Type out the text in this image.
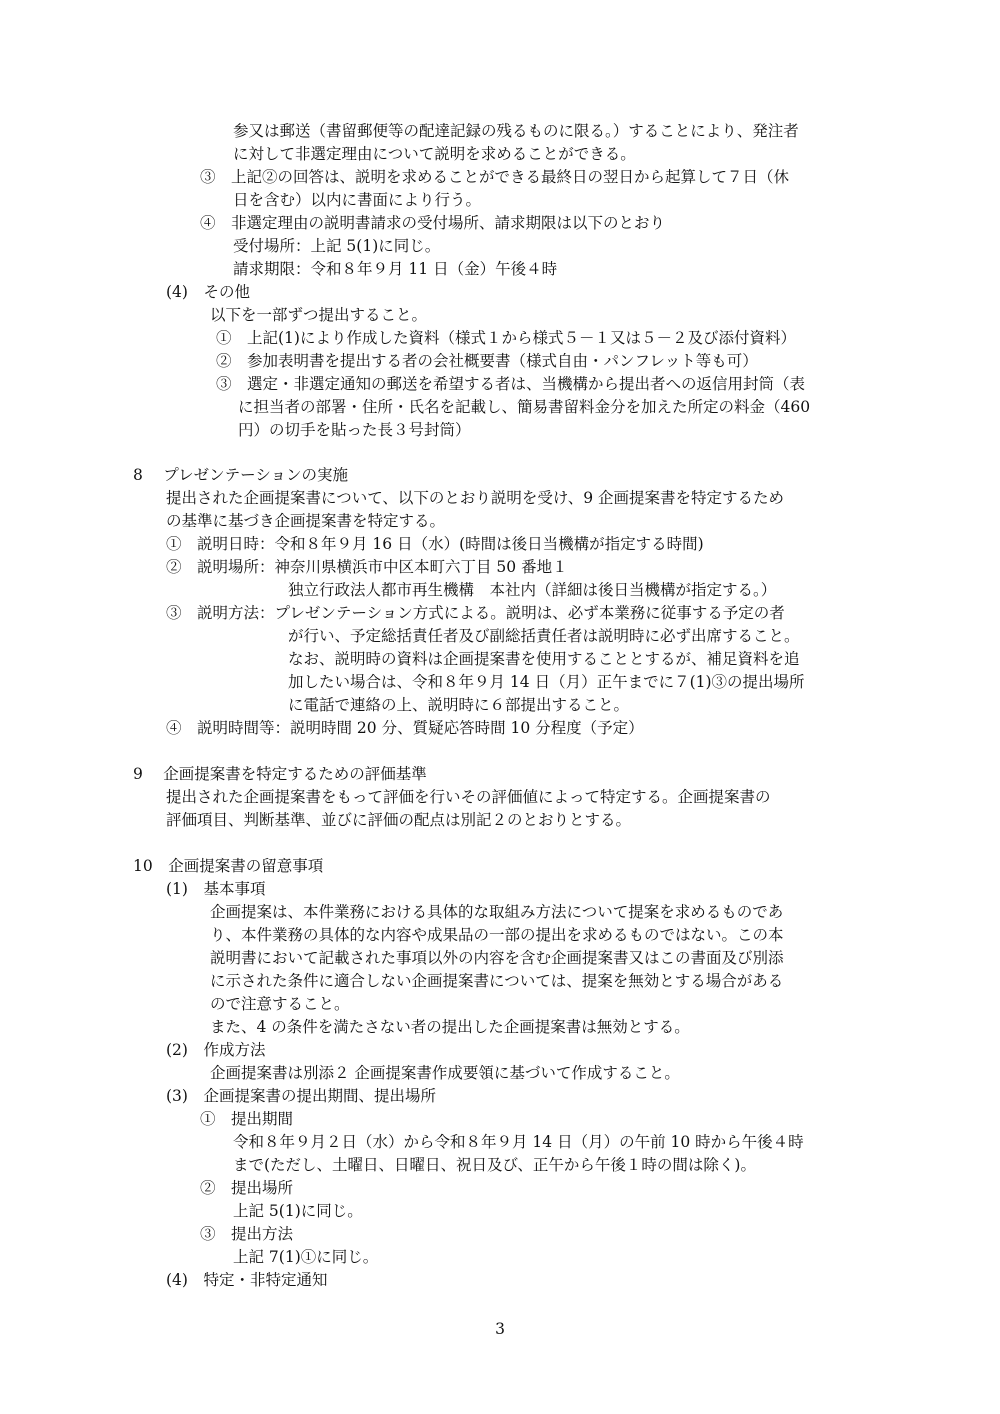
参又は郵送（書留郵便等の配達記録の残るものに限る。）することにより、発注者
に対して非選定理由について説明を求めることができる。
③　上記②の回答は、説明を求めることができる最終日の翌日から起算して７日（休
日を含む）以内に書面により行う。
④　非選定理由の説明書請求の受付場所、請求期限は以下のとおり
受付場所：上記 5(1)に同じ。
請求期限：令和８年９月 11 日（金）午後４時
(4)　その他
以下を一部ずつ提出すること。
①　上記(1)により作成した資料（様式１から様式５－１又は５－２及び添付資料）
②　参加表明書を提出する者の会社概要書（様式自由・パンフレット等も可）
③　選定・非選定通知の郵送を希望する者は、当機構から提出者への返信用封筒（表
に担当者の部署・住所・氏名を記載し、簡易書留料金分を加えた所定の料金（460
円）の切手を貼った長３号封筒）
8　 プレゼンテーションの実施
提出された企画提案書について、以下のとおり説明を受け、9 企画提案書を特定するため
の基準に基づき企画提案書を特定する。
①　説明日時：令和８年９月 16 日（水）(時間は後日当機構が指定する時間)
②　説明場所：神奈川県横浜市中区本町六丁目 50 番地１
独立行政法人都市再生機構　本社内（詳細は後日当機構が指定する。）
③　説明方法：プレゼンテーション方式による。説明は、必ず本業務に従事する予定の者
が行い、予定総括責任者及び副総括責任者は説明時に必ず出席すること。
なお、説明時の資料は企画提案書を使用することとするが、補足資料を追
加したい場合は、令和８年９月 14 日（月）正午までに７(1)③の提出場所
に電話で連絡の上、説明時に６部提出すること。
④　説明時間等：説明時間 20 分、質疑応答時間 10 分程度（予定）
9　 企画提案書を特定するための評価基準
提出された企画提案書をもって評価を行いその評価値によって特定する。企画提案書の
評価項目、判断基準、並びに評価の配点は別記２のとおりとする。
10　企画提案書の留意事項
(1)　基本事項
企画提案は、本件業務における具体的な取組み方法について提案を求めるものであ
り、本件業務の具体的な内容や成果品の一部の提出を求めるものではない。この本
説明書において記載された事項以外の内容を含む企画提案書又はこの書面及び別添
に示された条件に適合しない企画提案書については、提案を無効とする場合がある
ので注意すること。
また、4 の条件を満たさない者の提出した企画提案書は無効とする。
(2)　作成方法
企画提案書は別添２ 企画提案書作成要領に基づいて作成すること。
(3)　企画提案書の提出期間、提出場所
①　提出期間
令和８年９月２日（水）から令和８年９月 14 日（月）の午前 10 時から午後４時
まで(ただし、土曜日、日曜日、祝日及び、正午から午後１時の間は除く)。
②　提出場所
上記 5(1)に同じ。
③　提出方法
上記 7(1)①に同じ。
(4)　特定・非特定通知
3
